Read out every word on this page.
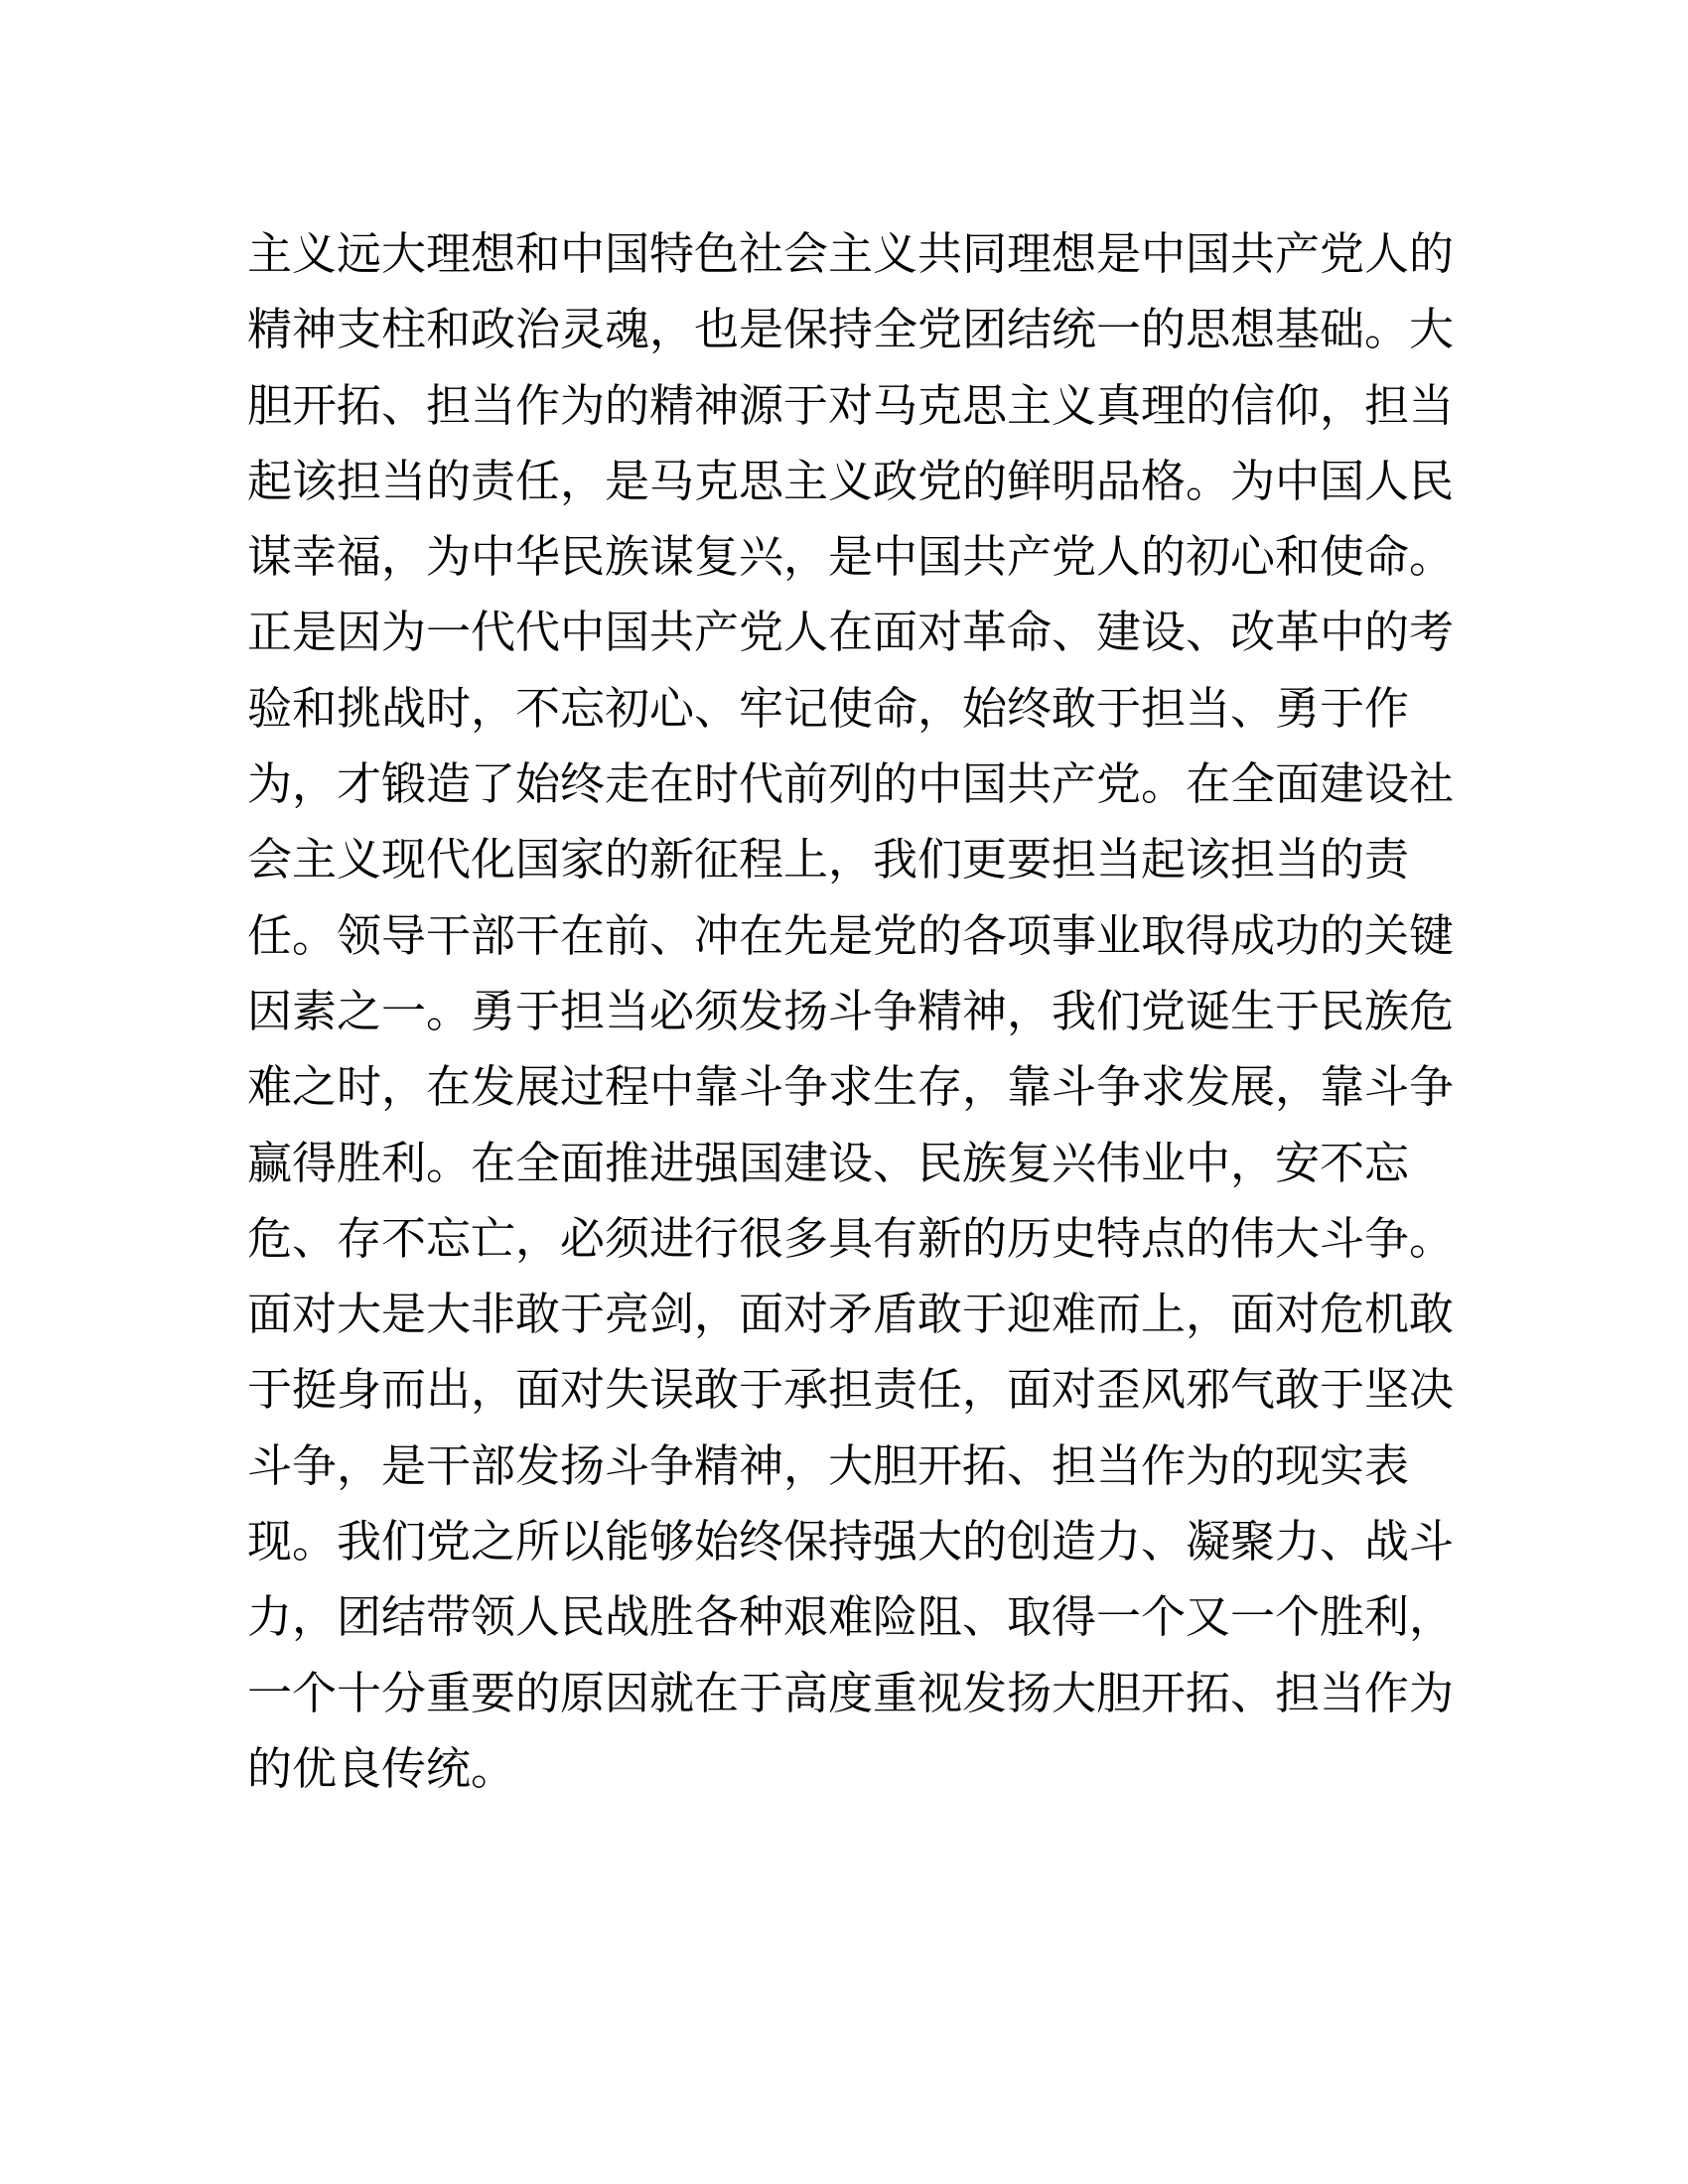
主义远大理想和中国特色社会主义共同理想是中国共产党人的
精神支柱和政治灵魂，也是保持全党团结统一的思想基础。大
胆开拓、担当作为的精神源于对马克思主义真理的信仰，担当
起该担当的责任，是马克思主义政党的鲜明品格。为中国人民
谋幸福，为中华民族谋复兴，是中国共产党人的初心和使命。
正是因为一代代中国共产党人在面对革命、建设、改革中的考
验和挑战时，不忘初心、牢记使命，始终敢于担当、勇于作
为，才锻造了始终走在时代前列的中国共产党。在全面建设社
会主义现代化国家的新征程上，我们更要担当起该担当的责
任。领导干部干在前、冲在先是党的各项事业取得成功的关键
因素之一。勇于担当必须发扬斗争精神，我们党诞生于民族危
难之时，在发展过程中靠斗争求生存，靠斗争求发展，靠斗争
赢得胜利。在全面推进强国建设、民族复兴伟业中，安不忘
危、存不忘亡，必须进行很多具有新的历史特点的伟大斗争。
面对大是大非敢于亮剑，面对矛盾敢于迎难而上，面对危机敢
于挺身而出，面对失误敢于承担责任，面对歪风邪气敢于坚决
斗争，是干部发扬斗争精神，大胆开拓、担当作为的现实表
现。我们党之所以能够始终保持强大的创造力、凝聚力、战斗
力，团结带领人民战胜各种艰难险阻、取得一个又一个胜利，
一个十分重要的原因就在于高度重视发扬大胆开拓、担当作为
的优良传统。
